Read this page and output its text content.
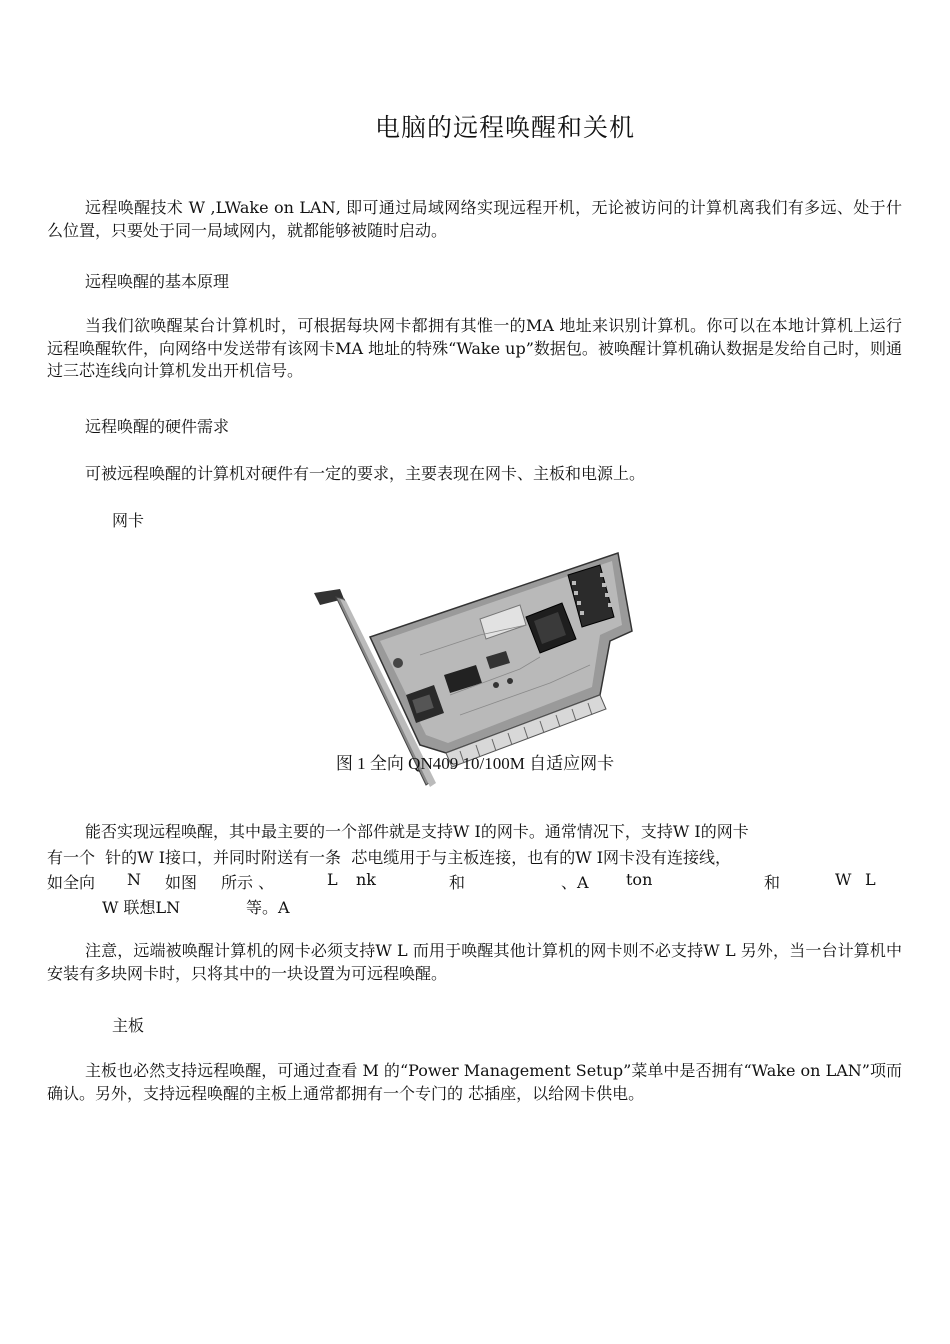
电脑的远程唤醒和关机
远程唤醒技术 W ,LWake on LAN‚ 即可通过局域网络实现远程开机，无论被访问的计算机离我们有多远、处于什么位置，只要处于同一局域网内，就都能够被随时启动。
远程唤醒的基本原理
当我们欲唤醒某台计算机时，可根据每块网卡都拥有其惟一的MA 地址来识别计算机。你可以在本地计算机上运行远程唤醒软件，向网络中发送带有该网卡MA 地址的特殊“Wake up”数据包。被唤醒计算机确认数据是发给自己时，则通过三芯连线向计算机发出开机信号。
远程唤醒的硬件需求
可被远程唤醒的计算机对硬件有一定的要求，主要表现在网卡、主板和电源上。
网卡
图 1 全向 QN409 10/100M 自适应网卡
能否实现远程唤醒，其中最主要的一个部件就是支持W I的网卡。通常情况下，支持W I的网卡
有一个  针的W I接口，并同时附送有一条  芯电缆用于与主板连接，也有的W I网卡没有连接线，
如全向 N 如图 所示 、	L nk	和	、A ton	和	W L
W 联想LN	等。A
注意，远端被唤醒计算机的网卡必须支持W L 而用于唤醒其他计算机的网卡则不必支持W L 另外，当一台计算机中安装有多块网卡时，只将其中的一块设置为可远程唤醒。
主板
主板也必然支持远程唤醒，可通过查看 M 的“Power Management Setup”菜单中是否拥有“Wake on LAN”项而确认。另外，支持远程唤醒的主板上通常都拥有一个专门的 芯插座，以给网卡供电。
